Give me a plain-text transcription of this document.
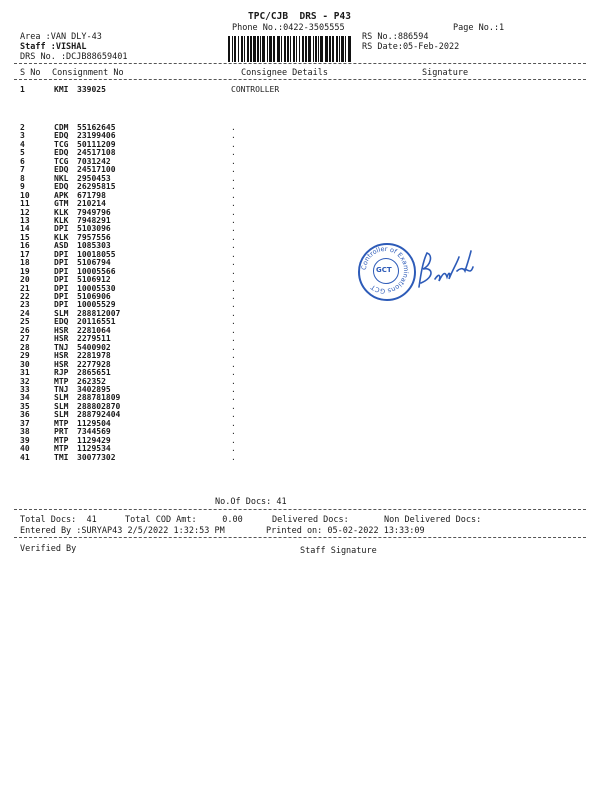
TPC/CJB  DRS - P43
Phone No.:0422-3505555	Page No.:1
Area :VAN DLY-43
Staff :VISHAL
DRS No. :DCJB88659401
RS No.:886594
RS Date:05-Feb-2022
S No Consignment No	Consignee Details	Signature
1	KMI 339025	CONTROLLER
2	CDM 55162645	.
3	EDQ 23199406	.
4	TCG 50111209	.
5	EDQ 24517108	.
6	TCG 7031242	.
7	EDQ 24517100	.
8	NKL 2950453	.
9	EDQ 26295815	.
10	APK 671798	.
11	GTM 210214	.
12	KLK 7949796	.
13	KLK 7948291	.
14	DPI 5103096	.
15	KLK 7957556	.
16	ASD 1085303	.
17	DPI 10018055	.
18	DPI 5106794	.
19	DPI 10005566	.
20	DPI 5106912	.
21	DPI 10005530	.
22	DPI 5106906	.
23	DPI 10005529	.
24	SLM 288812007	.
25	EDQ 20116551	.
26	HSR 2281064	.
27	HSR 2279511	.
28	TNJ 5400902	.
29	HSR 2281978	.
30	HSR 2277928	.
31	RJP 2865651	.
32	MTP 262352	.
33	TNJ 3402895	.
34	SLM 288781809	.
35	SLM 288802870	.
36	SLM 288792404	.
37	MTP 1129504	.
38	PRT 7344569	.
39	MTP 1129429	.
40	MTP 1129534	.
41	TMI 30077302	.
No.Of Docs: 41
Total Docs:  41	Total COD Amt:     0.00	Delivered Docs:	Non Delivered Docs:
Entered By :SURYAP43 2/5/2022 1:32:53 PM	Printed on: 05-02-2022 13:33:09
Verified By	Staff Signature
Controller of Examinations GCT
GCT
